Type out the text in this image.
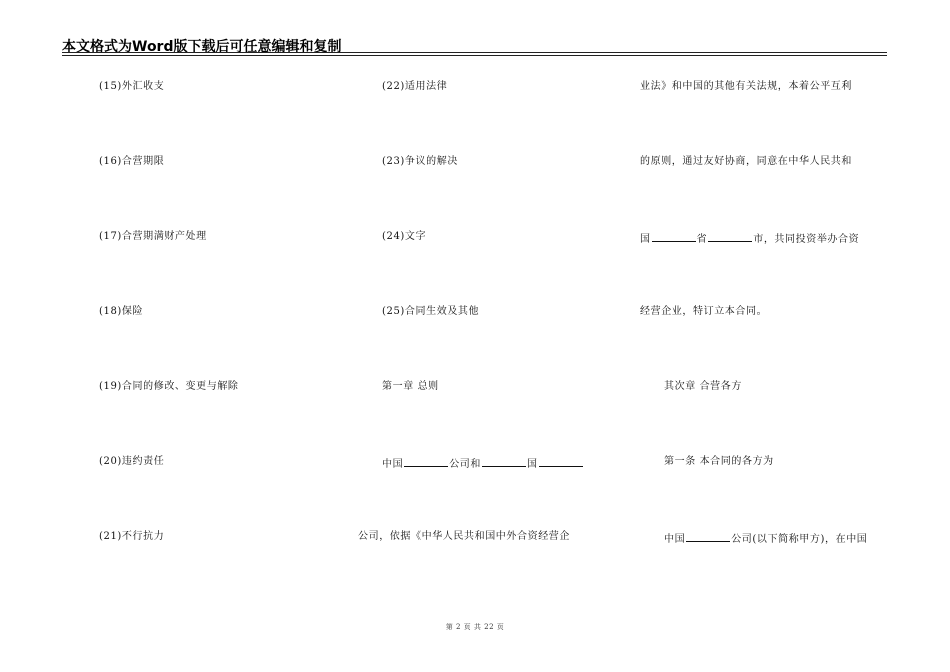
本文格式为Word版下载后可任意编辑和复制
(15)外汇收支
(16)合营期限
(17)合营期满财产处理
(18)保险
(19)合同的修改、变更与解除
(20)违约责任
(21)不行抗力
(22)适用法律
(23)争议的解决
(24)文字
(25)合同生效及其他
第一章 总则
中国	公司和	国
公司，依据《中华人民共和国中外合资经营企
业法》和中国的其他有关法规，本着公平互利
的原则，通过友好协商，同意在中华人民共和
国	省	市，共同投资举办合资
经营企业，特订立本合同。
其次章 合营各方
第一条 本合同的各方为
中国	公司(以下简称甲方)，在中国
第 2 页 共 22 页
